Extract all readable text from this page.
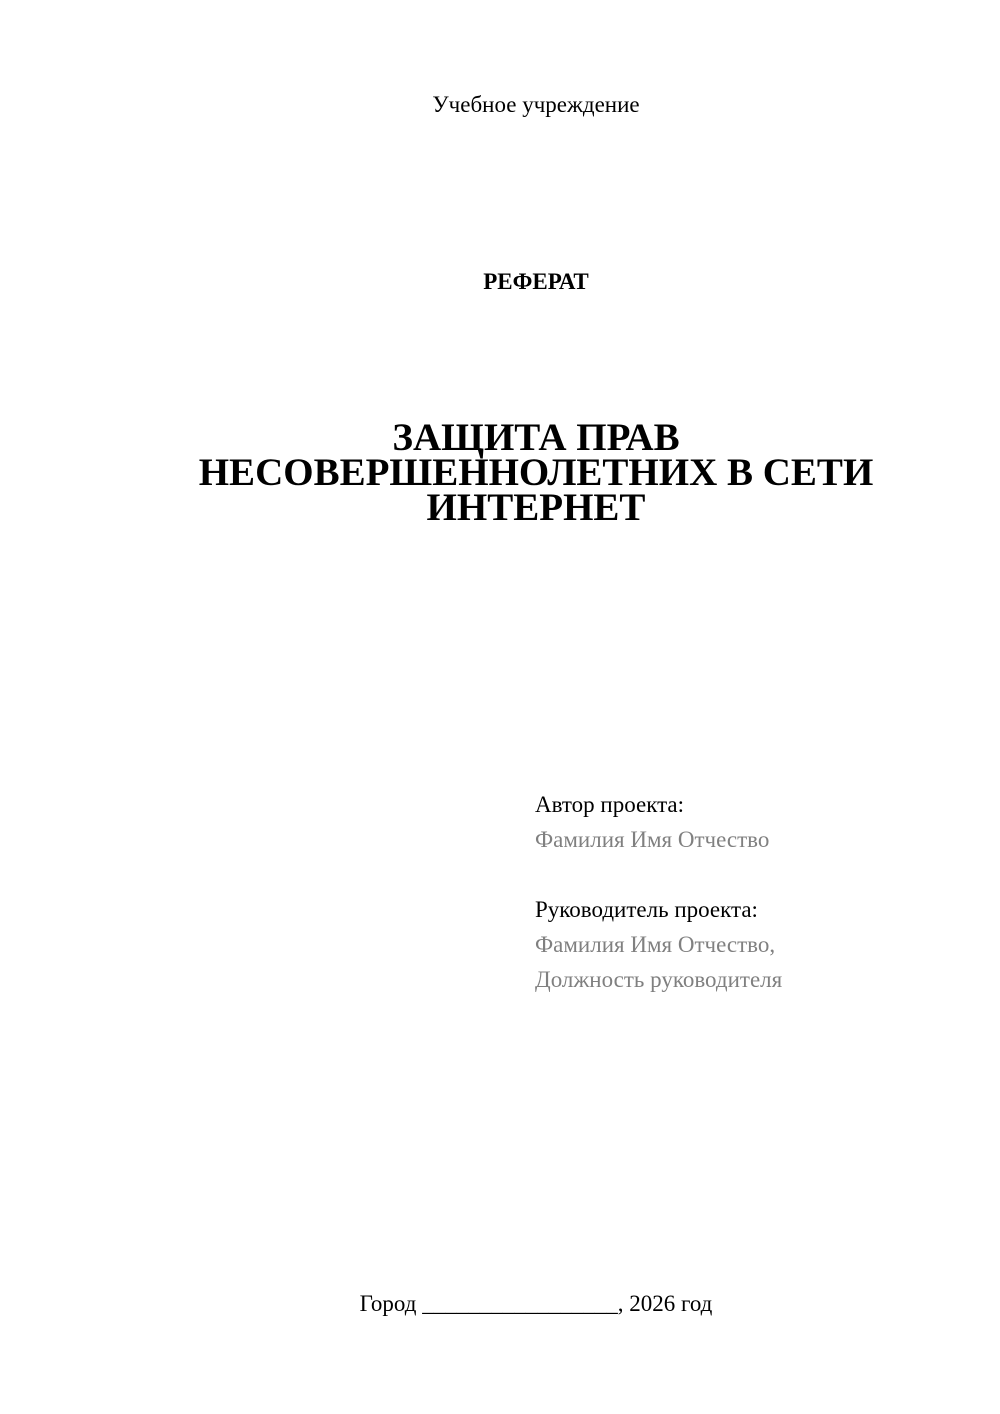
Учебное учреждение
РЕФЕРАТ
ЗАЩИТА ПРАВ
НЕСОВЕРШЕННОЛЕТНИХ В СЕТИ
ИНТЕРНЕТ
Автор проекта:
Фамилия Имя Отчество
Руководитель проекта:
Фамилия Имя Отчество,
Должность руководителя
Город _________________, 2026 год
